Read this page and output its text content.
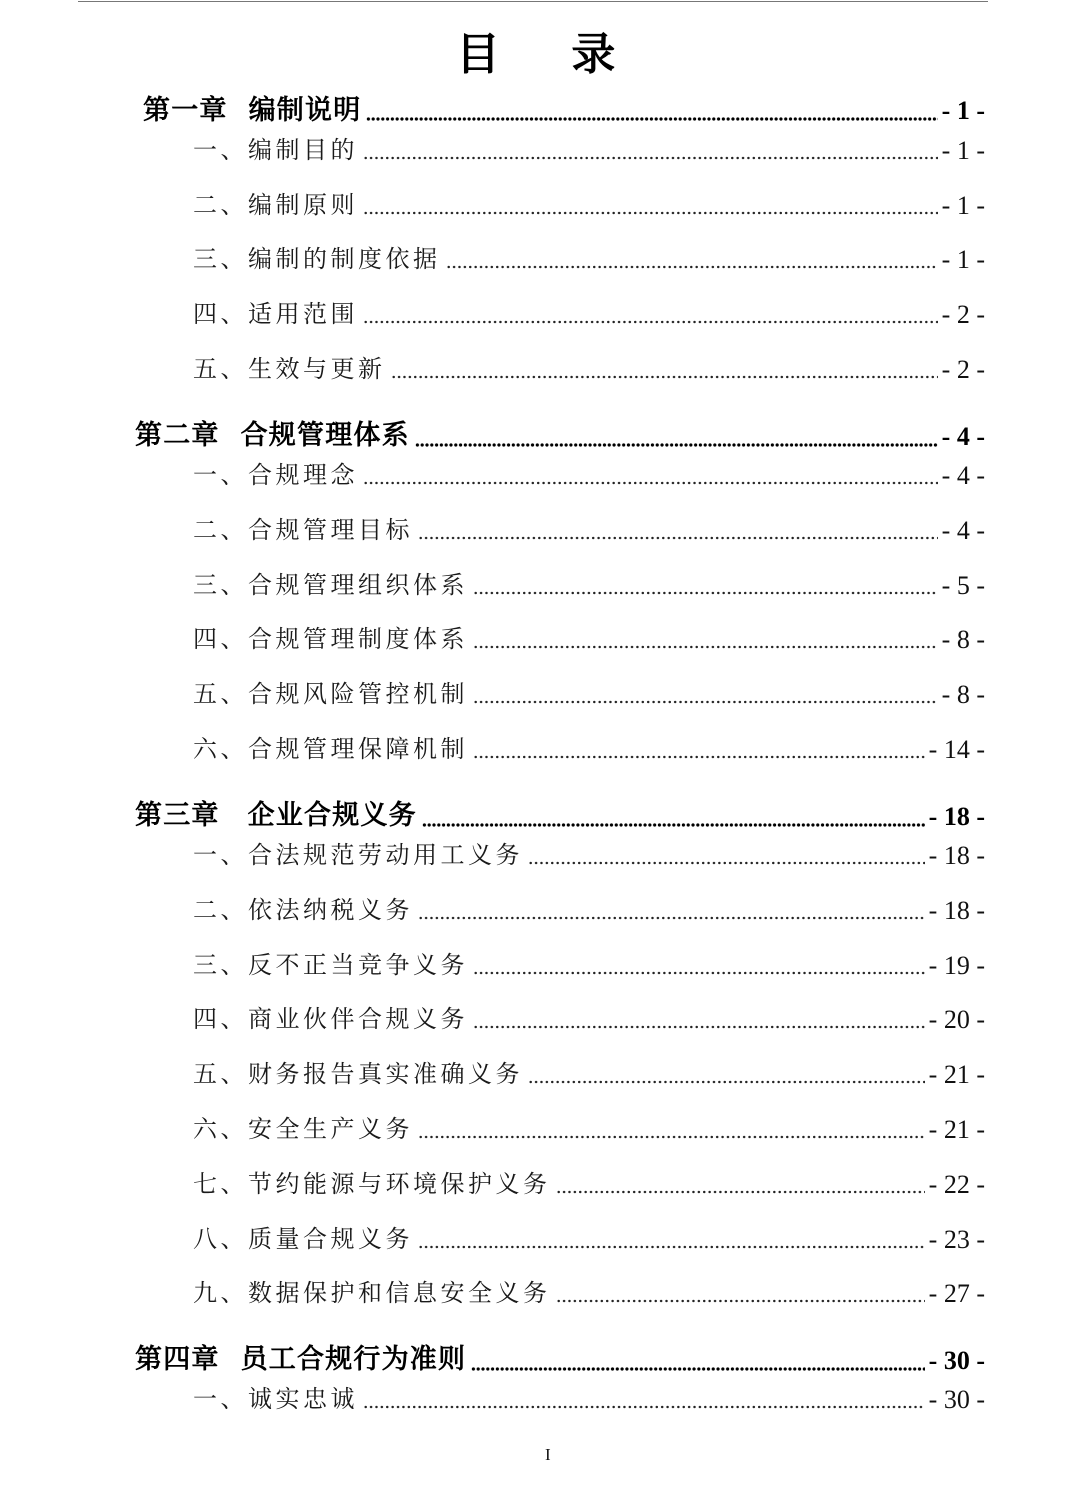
目 录
第一章 编制说明	- 1 -
一、编制目的	- 1 -
二、编制原则	- 1 -
三、编制的制度依据	- 1 -
四、适用范围	- 2 -
五、生效与更新	- 2 -
第二章 合规管理体系	- 4 -
一、合规理念	- 4 -
二、合规管理目标	- 4 -
三、合规管理组织体系	- 5 -
四、合规管理制度体系	- 8 -
五、合规风险管控机制	- 8 -
六、合规管理保障机制	- 14 -
第三章 企业合规义务	- 18 -
一、合法规范劳动用工义务	- 18 -
二、依法纳税义务	- 18 -
三、反不正当竞争义务	- 19 -
四、商业伙伴合规义务	- 20 -
五、财务报告真实准确义务	- 21 -
六、安全生产义务	- 21 -
七、节约能源与环境保护义务	- 22 -
八、质量合规义务	- 23 -
九、数据保护和信息安全义务	- 27 -
第四章 员工合规行为准则	- 30 -
一、诚实忠诚	- 30 -
I
